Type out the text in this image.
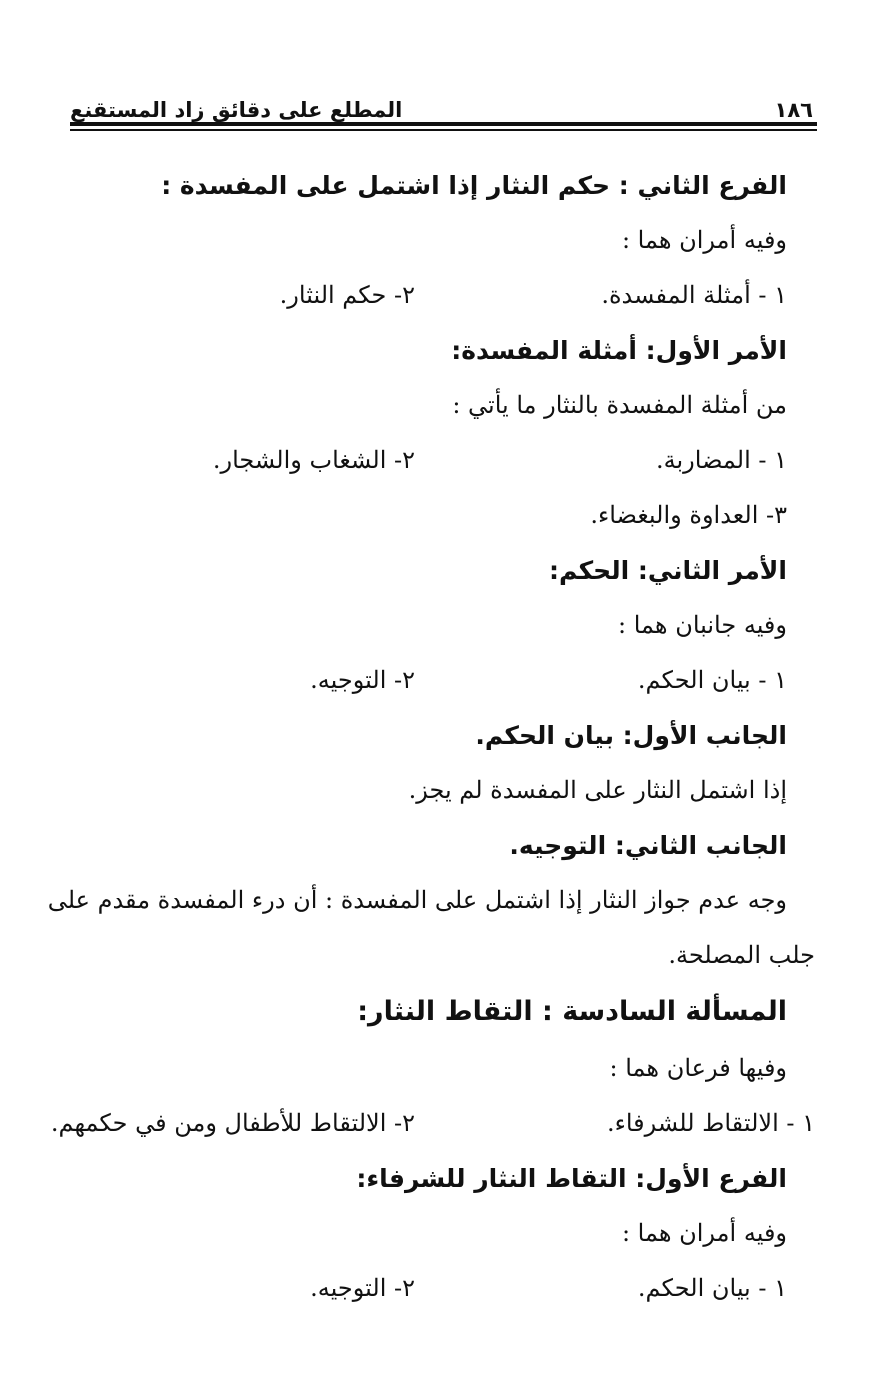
١٨٦
المطلع على دقائق زاد المستقنع
الفرع الثاني : حكم النثار إذا اشتمل على المفسدة :
وفيه أمران هما :
١ - أمثلة المفسدة.
٢- حكم النثار.
الأمر الأول: أمثلة المفسدة:
من أمثلة المفسدة بالنثار ما يأتي :
١ - المضاربة.
٢- الشغاب والشجار.
٣- العداوة والبغضاء.
الأمر الثاني: الحكم:
وفيه جانبان هما :
١ - بيان الحكم.
٢- التوجيه.
الجانب الأول: بيان الحكم.
إذا اشتمل النثار على المفسدة لم يجز.
الجانب الثاني: التوجيه.
وجه عدم جواز النثار إذا اشتمل على المفسدة : أن درء المفسدة مقدم على
جلب المصلحة.
المسألة السادسة : التقاط النثار:
وفيها فرعان هما :
١ - الالتقاط للشرفاء.
٢- الالتقاط للأطفال ومن في حكمهم.
الفرع الأول: التقاط النثار للشرفاء:
وفيه أمران هما :
١ - بيان الحكم.
٢- التوجيه.
